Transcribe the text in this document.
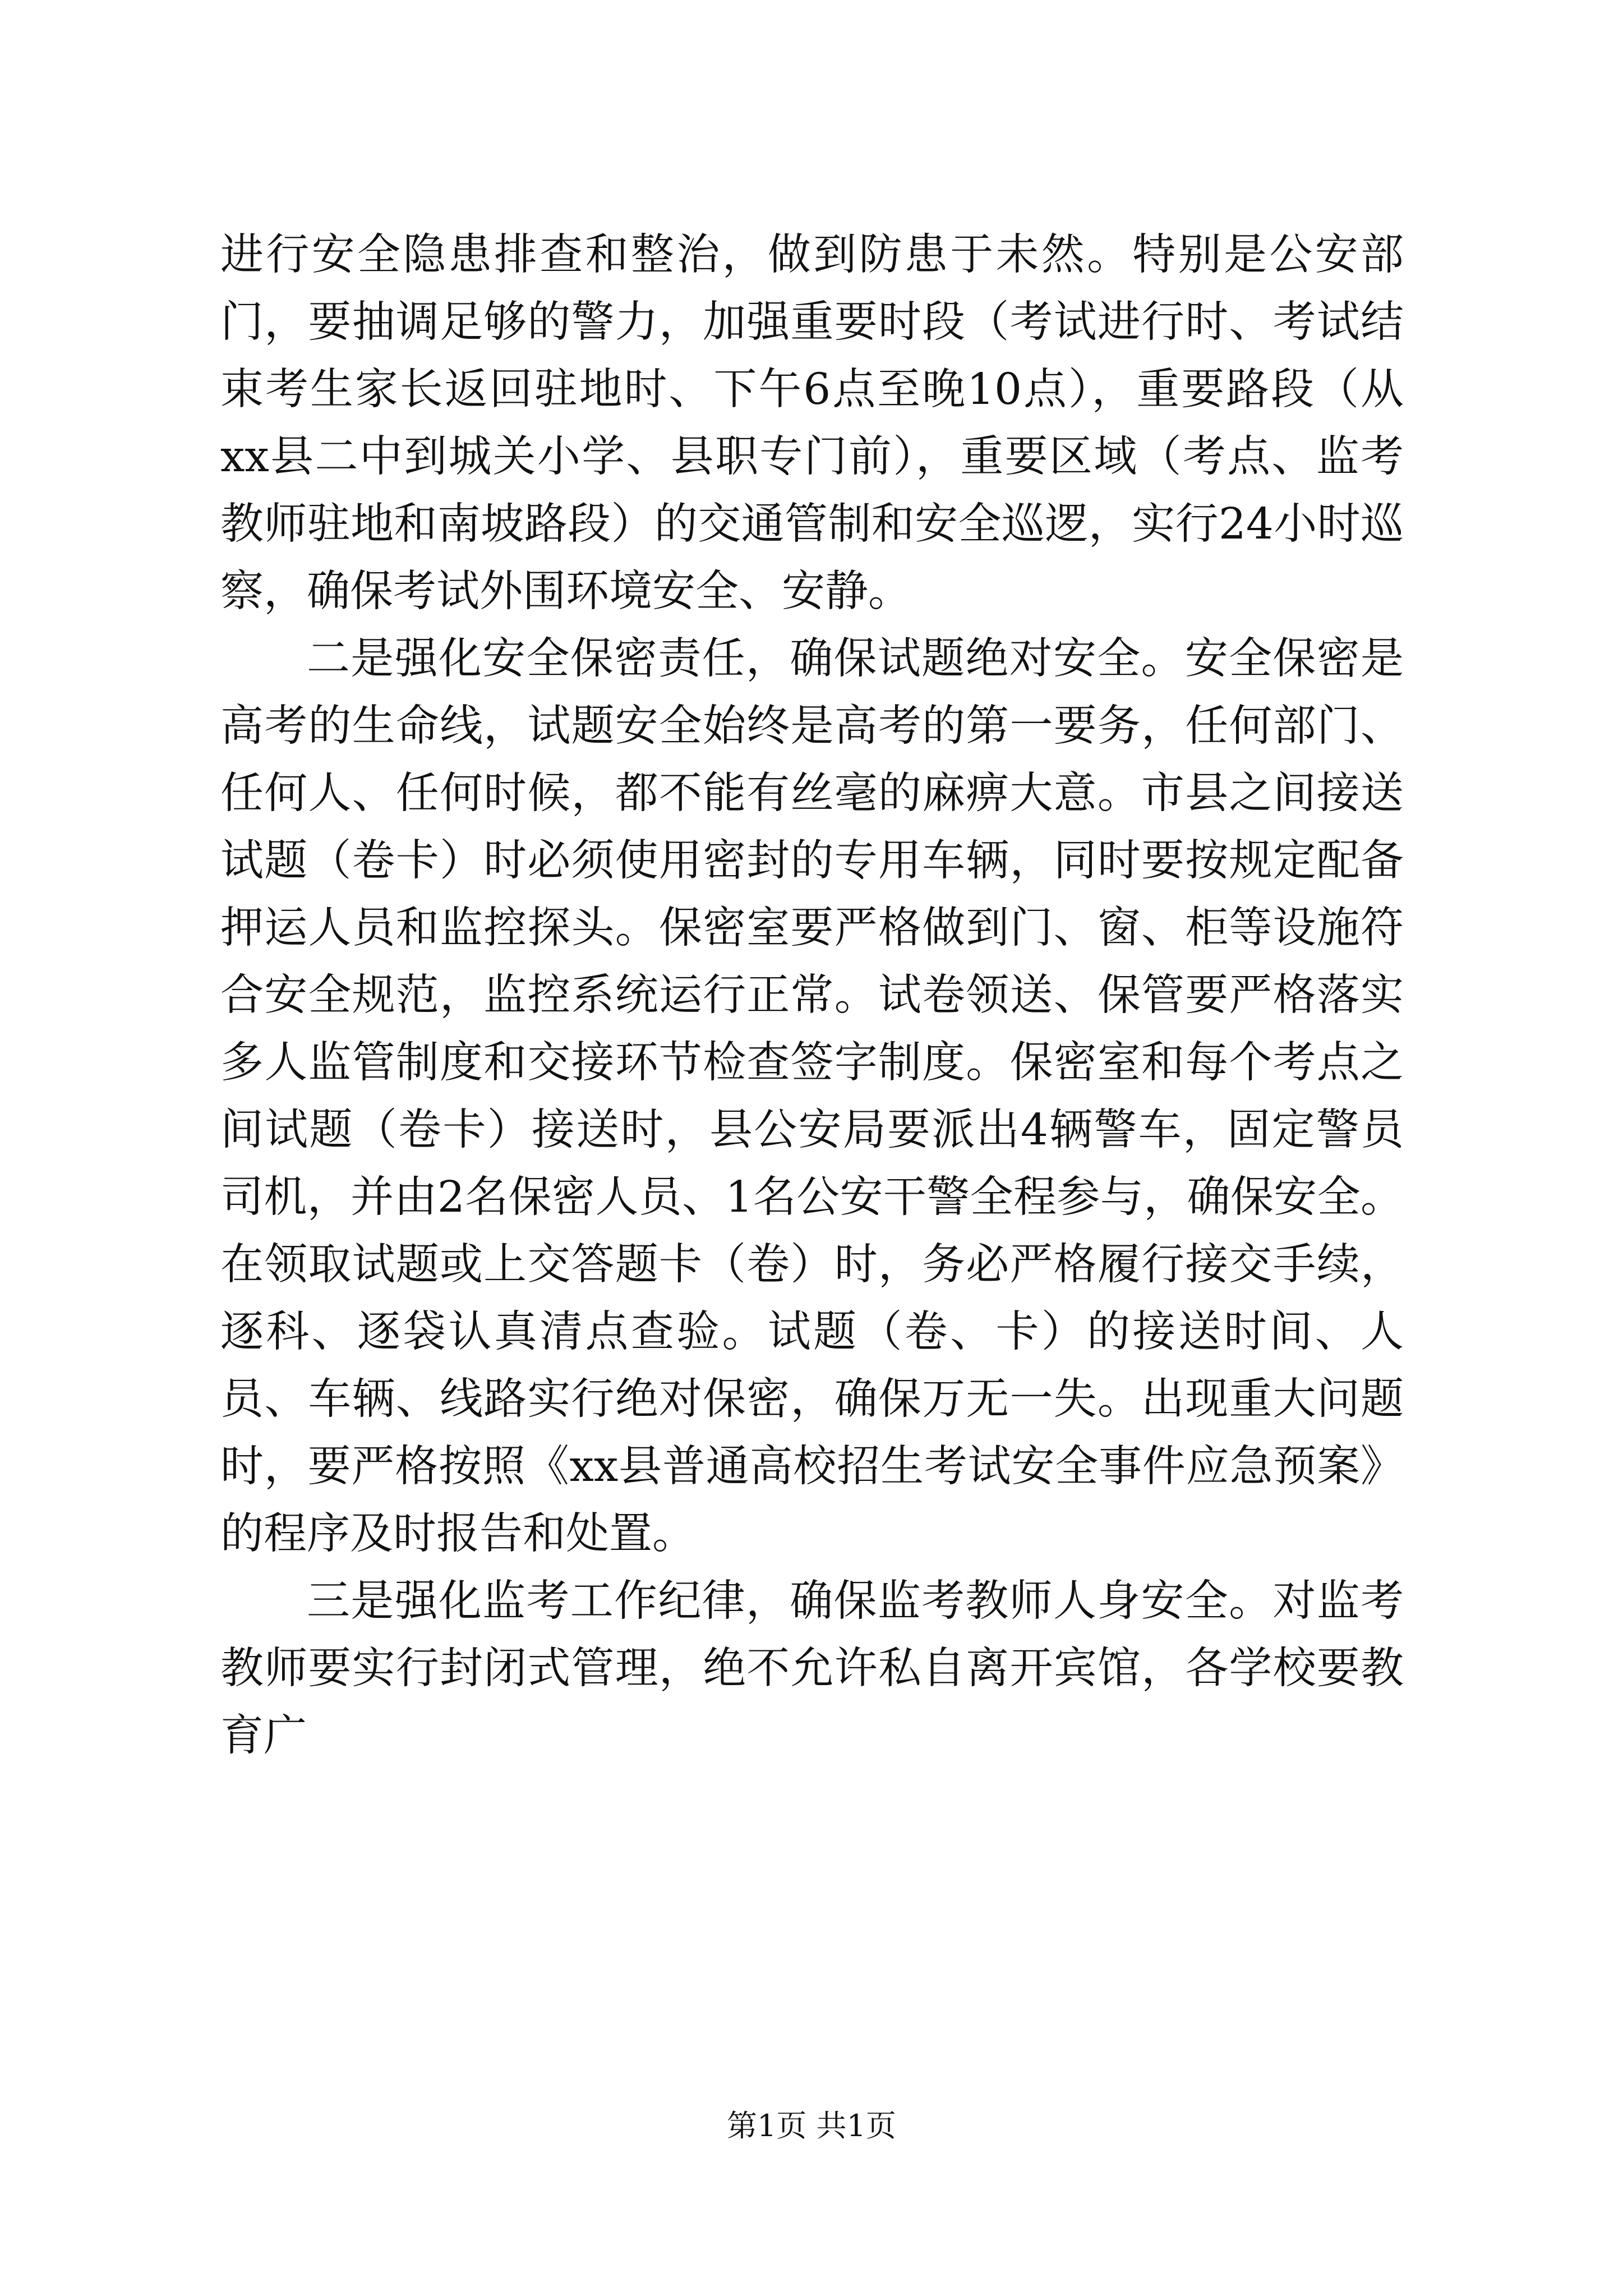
进行安全隐患排查和整治，做到防患于未然。特别是公安部门，要抽调足够的警力，加强重要时段（考试进行时、考试结束考生家长返回驻地时、下午6点至晚10点），重要路段（从xx县二中到城关小学、县职专门前），重要区域（考点、监考教师驻地和南坡路段）的交通管制和安全巡逻，实行24小时巡察，确保考试外围环境安全、安静。

二是强化安全保密责任，确保试题绝对安全。安全保密是高考的生命线，试题安全始终是高考的第一要务，任何部门、任何人、任何时候，都不能有丝毫的麻痹大意。市县之间接送试题（卷卡）时必须使用密封的专用车辆，同时要按规定配备押运人员和监控探头。保密室要严格做到门、窗、柜等设施符合安全规范，监控系统运行正常。试卷领送、保管要严格落实多人监管制度和交接环节检查签字制度。保密室和每个考点之间试题（卷卡）接送时，县公安局要派出4辆警车，固定警员司机，并由2名保密人员、1名公安干警全程参与，确保安全。在领取试题或上交答题卡（卷）时，务必严格履行接交手续，逐科、逐袋认真清点查验。试题（卷、卡）的接送时间、人员、车辆、线路实行绝对保密，确保万无一失。出现重大问题时，要严格按照《xx县普通高校招生考试安全事件应急预案》的程序及时报告和处置。

三是强化监考工作纪律，确保监考教师人身安全。对监考教师要实行封闭式管理，绝不允许私自离开宾馆，各学校要教育广

第1页 共1页
